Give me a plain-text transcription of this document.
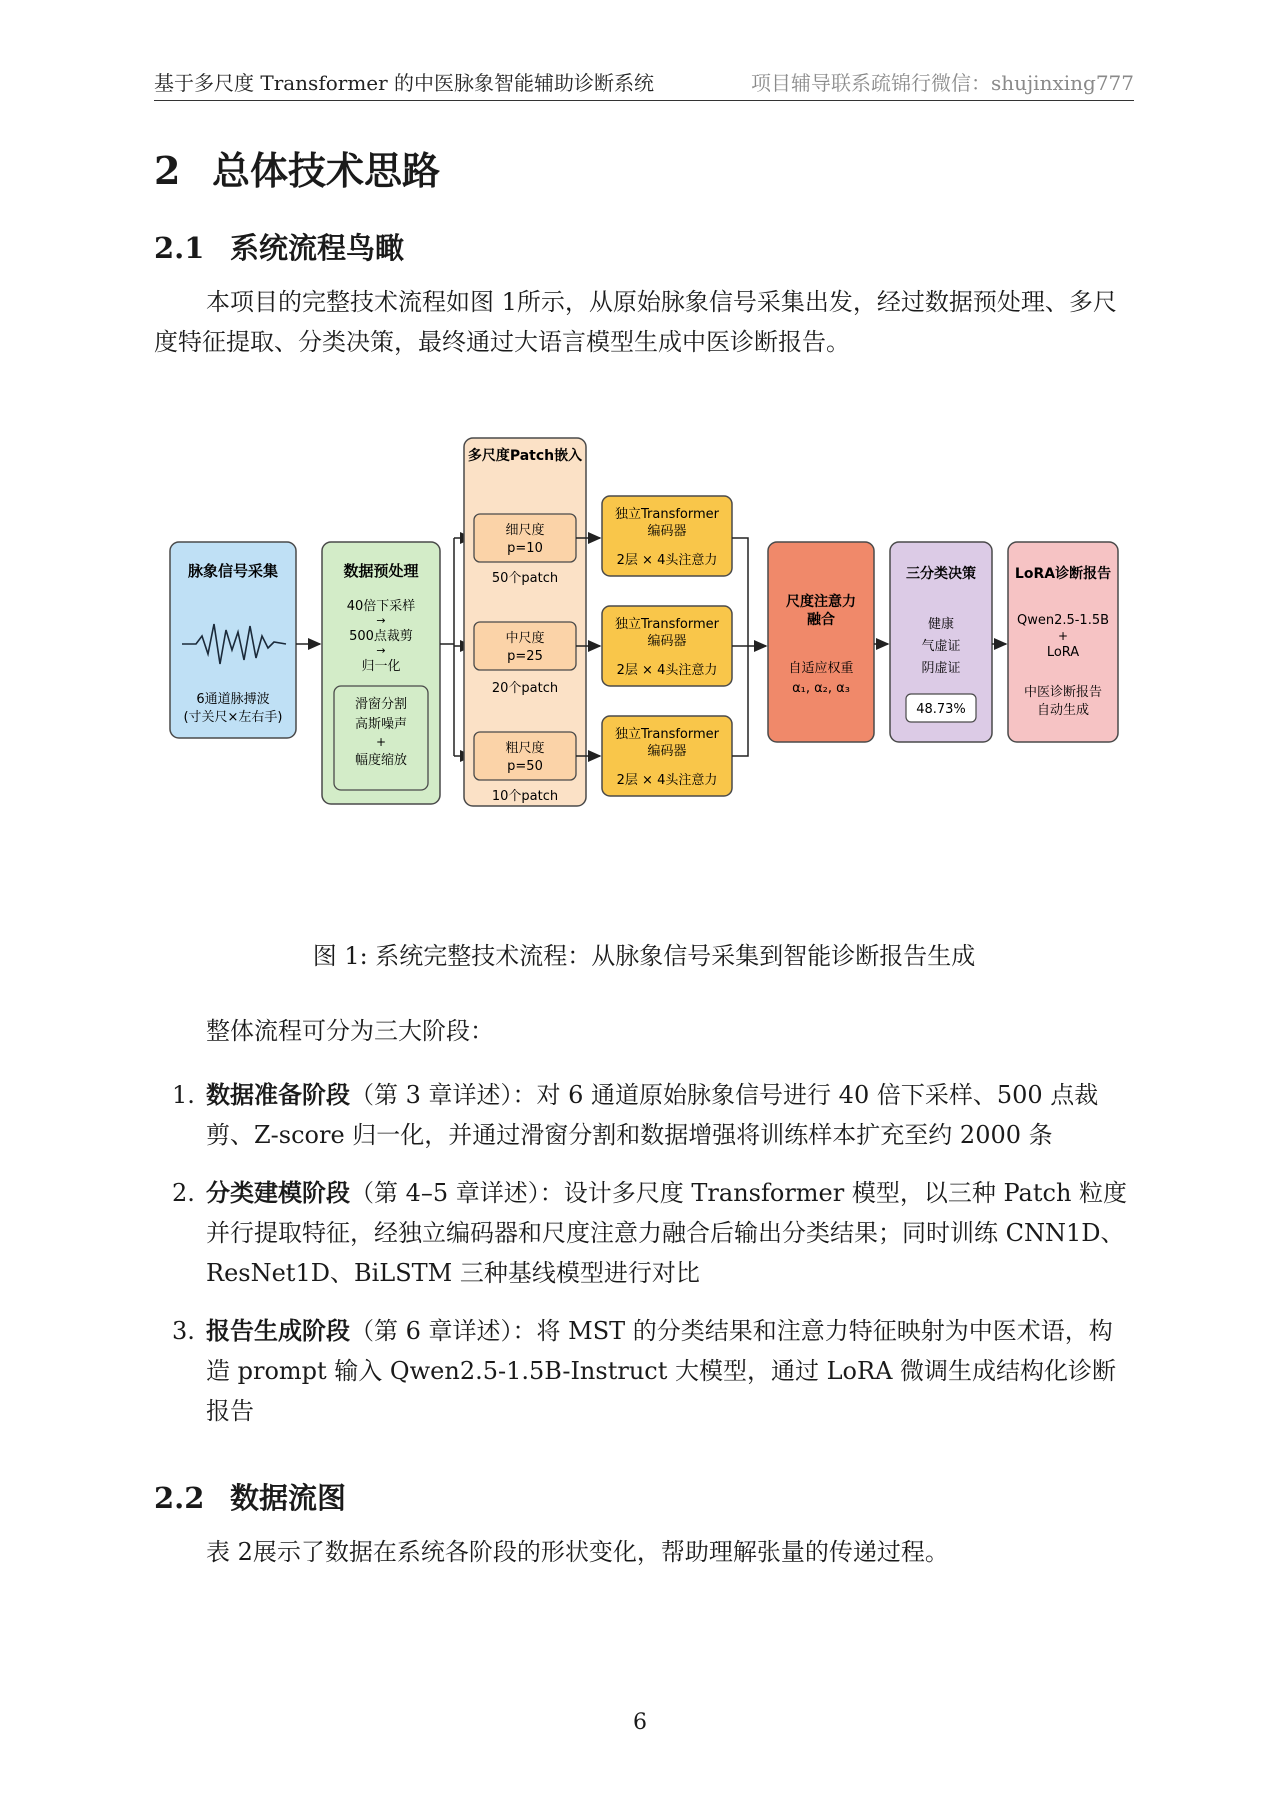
基于多尺度 Transformer 的中医脉象智能辅助诊断系统	项目辅导联系疏锦行微信：shujinxing777
2 总体技术思路
2.1 系统流程鸟瞰

本项目的完整技术流程如图 1所示，从原始脉象信号采集出发，经过数据预处理、多尺度特征提取、分类决策，最终通过大语言模型生成中医诊断报告。

脉象信号采集
6通道脉搏波
(寸关尺×左右手)
数据预处理
40倍下采样
→
500点裁剪
→
归一化
滑窗分割
高斯噪声
+
幅度缩放
多尺度Patch嵌入
细尺度
p=10
50个patch
中尺度
p=25
20个patch
粗尺度
p=50
10个patch
独立Transformer
编码器
2层 × 4头注意力
独立Transformer
编码器
2层 × 4头注意力
独立Transformer
编码器
2层 × 4头注意力
尺度注意力
融合
自适应权重
α₁, α₂, α₃
三分类决策
健康
气虚证
阴虚证
48.73%
LoRA诊断报告
Qwen2.5-1.5B
+
LoRA
中医诊断报告
自动生成
图 1: 系统完整技术流程：从脉象信号采集到智能诊断报告生成

整体流程可分为三大阶段：

1. 数据准备阶段（第 3 章详述）：对 6 通道原始脉象信号进行 40 倍下采样、500 点裁剪、Z-score 归一化，并通过滑窗分割和数据增强将训练样本扩充至约 2000 条
2. 分类建模阶段（第 4–5 章详述）：设计多尺度 Transformer 模型，以三种 Patch 粒度并行提取特征，经独立编码器和尺度注意力融合后输出分类结果；同时训练 CNN1D、ResNet1D、BiLSTM 三种基线模型进行对比
3. 报告生成阶段（第 6 章详述）：将 MST 的分类结果和注意力特征映射为中医术语，构造 prompt 输入 Qwen2.5-1.5B-Instruct 大模型，通过 LoRA 微调生成结构化诊断报告
2.2 数据流图

表 2展示了数据在系统各阶段的形状变化，帮助理解张量的传递过程。

6
